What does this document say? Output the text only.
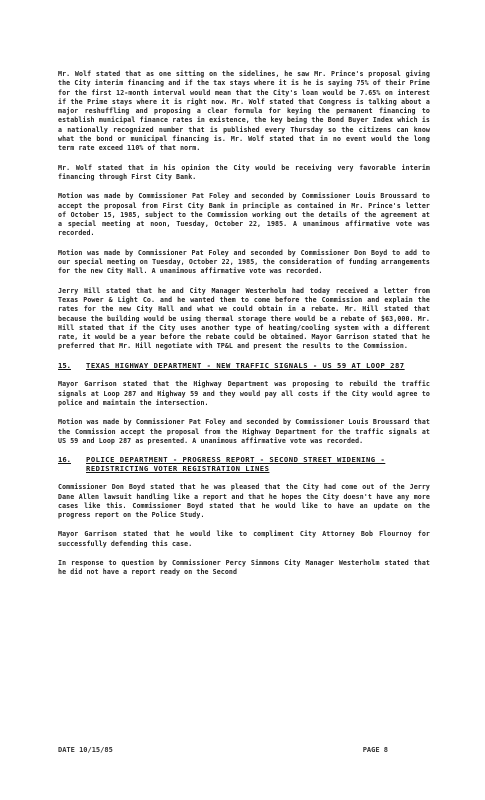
Mr. Wolf stated that as one sitting on the sidelines, he saw Mr. Prince's proposal giving the City interim financing and if the tax stays where it is he is saying 75% of their Prime for the first 12-month interval would mean that the City's loan would be 7.65% on interest if the Prime stays where it is right now. Mr. Wolf stated that Congress is talking about a major reshuffling and proposing a clear formula for keying the permanent financing to establish municipal finance rates in existence, the key being the Bond Buyer Index which is a nationally recognized number that is published every Thursday so the citizens can know what the bond or municipal financing is. Mr. Wolf stated that in no event would the long term rate exceed 110% of that norm.

Mr. Wolf stated that in his opinion the City would be receiving very favorable interim financing through First City Bank.

Motion was made by Commissioner Pat Foley and seconded by Commissioner Louis Broussard to accept the proposal from First City Bank in principle as contained in Mr. Prince's letter of October 15, 1985, subject to the Commission working out the details of the agreement at a special meeting at noon, Tuesday, October 22, 1985. A unanimous affirmative vote was recorded.

Motion was made by Commissioner Pat Foley and seconded by Commissioner Don Boyd to add to our special meeting on Tuesday, October 22, 1985, the consideration of funding arrangements for the new City Hall. A unanimous affirmative vote was recorded.

Jerry Hill stated that he and City Manager Westerholm had today received a letter from Texas Power & Light Co. and he wanted them to come before the Commission and explain the rates for the new City Hall and what we could obtain in a rebate. Mr. Hill stated that because the building would be using thermal storage there would be a rebate of $63,000. Mr. Hill stated that if the City uses another type of heating/cooling system with a different rate, it would be a year before the rebate could be obtained. Mayor Garrison stated that he preferred that Mr. Hill negotiate with TP&L and present the results to the Commission.

15.	TEXAS HIGHWAY DEPARTMENT - NEW TRAFFIC SIGNALS - US 59 AT LOOP 287

Mayor Garrison stated that the Highway Department was proposing to rebuild the traffic signals at Loop 287 and Highway 59 and they would pay all costs if the City would agree to police and maintain the intersection.

Motion was made by Commissioner Pat Foley and seconded by Commissioner Louis Broussard that the Commission accept the proposal from the Highway Department for the traffic signals at US 59 and Loop 287 as presented. A unanimous affirmative vote was recorded.

16.	POLICE DEPARTMENT - PROGRESS REPORT - SECOND STREET WIDENING - REDISTRICTING VOTER REGISTRATION LINES

Commissioner Don Boyd stated that he was pleased that the City had come out of the Jerry Dane Allen lawsuit handling like a report and that he hopes the City doesn't have any more cases like this. Commissioner Boyd stated that he would like to have an update on the progress report on the Police Study.

Mayor Garrison stated that he would like to compliment City Attorney Bob Flournoy for successfully defending this case.

In response to question by Commissioner Percy Simmons City Manager Westerholm stated that he did not have a report ready on the Second

DATE 10/15/85	PAGE 8
